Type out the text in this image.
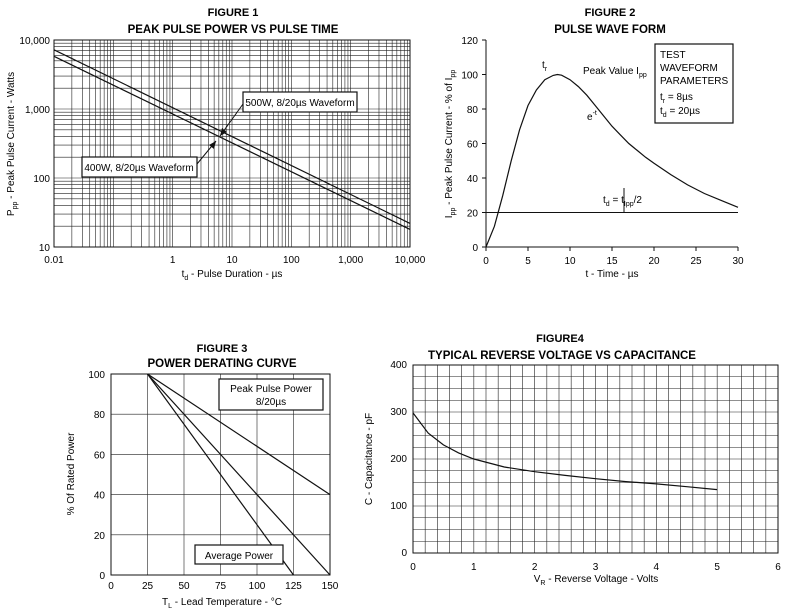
FIGURE 1
PEAK PULSE POWER VS PULSE TIME
0.01	1	10	100	1,000	10,000
10
100
1,000
10,000
$t_d$ - Pulse Duration - µs
$P_{pp}$ - Peak Pulse Current - Watts	500W, 8/20µs Waveform
400W, 8/20µs Waveform
FIGURE 2
PULSE WAVE FORM
0	5	10	15	20	25	30
0
20
40
60
80
100
120
t - Time - µs
$I_{pp}$ - Peak Pulse Current - % of $I_{pp}$
$t_r$	Peak Value $I_{pp}$
$e^{-t}$
$t_d = t_Ipp/2$
TEST
WAVEFORM
PARAMETERS
$t_r = 8\mu s$
$t_d = 20\mu s$
FIGURE 3
POWER DERATING CURVE
0	25	50	75 100 125 150
0
20
40
60
80
100
$T_L$ - Lead Temperature - °C
% Of Rated Power
Peak Pulse Power
8/20µs
Average Power
FIGURE4
TYPICAL REVERSE VOLTAGE VS CAPACITANCE
0	1	2	3	4	5	6
0
100
200
300
400
$V_R$ - Reverse Voltage - Volts
C - Capacitance - pF
